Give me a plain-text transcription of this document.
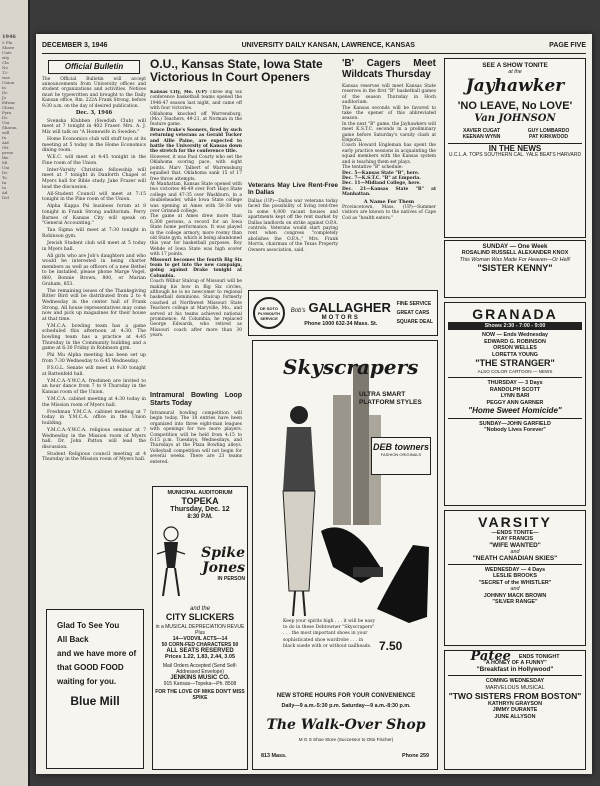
1946
5 Pla
Shave
Univ
sity
Cla
No
12-
was
Union
in
Dr.
Jo
Edwar
Chem
Pyra
Dr.
Uni
Sharon
will
In
Aid
Ott
prese
the
Mi
Uni
Dr.
To
In
to
Ad
Del
DECEMBER 3, 1946	UNIVERSITY DAILY KANSAN, LAWRENCE, KANSAS	PAGE FIVE
Official Bulletin

The Official Bulletin will accept announcements from University offices and student organizations and activities. Notices must be typewritten and brought to the Daily Kansan office, Rm. 222A Frank Strong, before 9:30 a.m. on the day of desired publication.

Dec. 3, 1946

Svenska Klubben (Swedish Club) will meet at 7 tonight in 402 Fraser. Mrs. A. J. Mix will talk on "A Homewife in Sweden."
Home Economics club will stuff toys at its meeting at 5 today in the Home Economics dining room.
W.E.C. will meet at 4:45 tonight in the Fine room of the Union.
Inter-Varsity Christian fellowship will meet at 7 tonight in Danforth Chapel of Myers hall for Bible study. Jake Frazer will lead the discussion.
All-Student Council will meet at 7:15 tonight in the Pine room of the Union.
Alpha Kappa Psi business forum at 8 tonight in Frank Strong auditorium. Perry Barnes of Kansas City will speak on "General Accounting."
Tau Sigma will meet at 7:30 tonight in Robinson gym.
Jewish Student club will meet at 5 today in Myers hall.
All girls who are Job's daughters and who would be interested in being charter members as well as officers of a new Bethel to be installed, please phone Marge Vogel, 860, Bonnie Brown, 800, or Marian Graham, 853.
The remaining issues of the Thanksgiving Bitter Bird will be distributed from 2 to 4 Wednesday in the center hall of Frank Strong. All house representatives may come now and pick up magazines for their house at that time.
Y.M.C.A. bowling team has a game scheduled this afternoon at 4:30. The bowling team has a practice at 4:45 Thursday in the Community building and a game at 6:30 Friday in Robinson gym.
Phi Mu Alpha meeting has been set up from 7:30 Wednesday to 6:45 Wednesday.
P.S.G.L. Senate will meet at 9:30 tonight at Battenfeld hall.
Y.M.C.A.-Y.W.C.A. freshmen are invited to an hour dance from 7 to 9 Thursday in the Kansas room of the Union.
Y.M.C.A. cabinet meeting at 4:30 today in the Mission room of Myers hall.
Freshman Y.M.C.A. cabinet meeting at 7 today in Y.M.C.A. office in the Union building.
Y.M.C.A.-Y.W.C.A. religious seminar at 7 Wednesday in the Mission room of Myers hall. Dr. John Patton will lead the discussion.
Student Religious council meeting at 4 Thursday in the Mission room of Myers hall.
Glad To See You
All Back
and we have more of
that GOOD FOOD
waiting for you.
Blue Mill
O.U., Kansas State, Iowa State Victorious In Court Openers

Kansas City, Mo. (UP) Three Big Six conference basketball teams opened the 1946-47 season last night, and came off with four victories.

Oklahoma knocked off Warrensburg, (Mo.) Teachers, 49-21, at Norman in the feature game.

Bruce Drake's Sooners, fired by such returning veterans as Gerald Tucker and Allie Paine, are expected to battle the University of Kansas down the stretch for the conference title.

However, it was Paul Courty who set the Oklahoma scoring pace, with eight points. Marv Talbert of Warrensburg equalled that. Oklahoma sank 15 of 17 free throw attempts.

At Manhattan, Kansas State opened with two victories 46-49 over Fort Hays State college and 47-35 over Washburn, in a doubleheader, while Iowa State college was opening at Ames with 58-38 win over Grinnell college.

The game at Ames drew more than 6,300 persons, a record for an Iowa State home performance. It was played in the college armory, more roomy than old State gym, which is being abandoned this year for basketball purposes. Roy Wehde of Iowa State was high scorer with 17 points.

Missouri becomes the fourth Big Six team to get into the new campaign, going against Drake tonight at Columbia.

Coach Wilbur Stalcup of Missouri will be making his bow in Big Six circles, although he is no newcomer to regional basketball dominions. Stalcup formerly coached at Northwest Missouri State Teachers college at Maryville, Mo., and served at his teams achieved national prominence. At Columbia, he replaced George Edwards, who retired as Missouri coach after more than 30 years.

Veterans May Live Rent-Free In Dallas

Dallas (UP)—Dallas war veterans today faced the possibility of living rent-free in some 4,000 vacant houses and apartments kept off the rent market by Dallas landlords on strike against O.P.A. controls. Veterans would start paying rent when congress "completely abolishes the O.P.A.," Mrs. Frank Morris, chairman of the Texas Property Owners association, said.

Intramural Bowling Loop Starts Today

Intramural bowling competition will begin today. The 18 entries have been organized into three eight-man leagues with openings for two more players. Competition will be held from 4:15 to 6:15 p.m. Tuesdays, Wednesdays, and Thursdays at the Plaza Bowling alleys. Volleyball competition will not begin for several weeks. There are 23 teams entered.

MUNICIPAL AUDITORIUM
TOPEKA
Thursday, Dec. 12
8:30 P.M.
Spike
Jones
IN PERSON
and the
CITY SLICKERS
in a MUSICAL DEPRECIATION REVUE
Plus
14—VODVIL ACTS—14
50 CORN-FED CHARACTERS 50
ALL SEATS RESERVED
Prices 1.22, 1.83, 2.44, 3.05
Mail Orders Accepted (Send Self-Addressed Envelope)
JENKINS MUSIC CO.
915 Kansas—Topeka—Ph. 8508
FOR THE LOVE OF MIKE DON'T MISS SPIKE
'B' Cagers Meet Wildcats Thursday

Kansas reserves will meet Kansas State reserves in the first "B" basketball games of the season Thursday in Hoch auditorium.

The Kansas seconds will be favored to take the opener of this abbreviated season.

In the next "B" game, the Jayhawkers will meet K.S.T.C. seconds in a preliminary game before Saturday's varsity clash at Emporia.

Coach Howard Engleman has spent the early practice sessions in acquainting the squad members with the Kansas system and is teaching them set plays.

The tentative "B" schedule:

Dec. 5—Kansas State "B", here.
Dec. 7—K.S.T.C. "B" at Emporia.
Dec. 11—Midland College, here.
Dec. 21—Kansas State "B" at Manhattan.

A Name For Them

Provincetown, Mass. (UP)—Summer visitors are known to the natives of Cape Cod as "health eaters."

DE SOTO PLYMOUTH SERVICE
Bob's GALLAGHER
MOTORS
Phone 1000 632-34 Mass. St.
FINE SERVICE
GREAT CARS
SQUARE DEAL
Skyscrapers
ULTRA SMART PLATFORM STYLES
DEB towners
FASHION ORIGINALS
7.50
Keep your spirits high . . . it will be easy to do in these Debtowner "Skyscrapers" . . . the most important shoes in your sophisticated shoe wardrobe . . . in black suede with or without nailheads.
NEW STORE HOURS FOR YOUR CONVENIENCE
Daily—9 a.m.-5:30 p.m. Saturday—9 a.m.-8:30 p.m.
The Walk-Over Shop
M G S Shoe Store (Successor to Otto Fischer)
813 Mass.	Phone 259
SEE A SHOW TONITE
at the
Jayhawker
'NO LEAVE, No LOVE'
Van JOHNSON
XAVIER CUGAT	GUY LOMBARDO
KEENAN WYNN	PAT KIRKWOOD
IN THE NEWS
U.C.L.A. TOPS SOUTHERN CAL. YALE BEATS HARVARD
SUNDAY — One Week
ROSALIND RUSSELL ALEXANDER KNOX
This Woman Was Made For Heaven—Or Hell!
"SISTER KENNY"
GRANADA
Shows 2:30 - 7:00 - 9:00
NOW — Ends Wednesday
EDWARD G. ROBINSON
ORSON WELLES
LORETTA YOUNG
"THE STRANGER"
ALSO COLOR CARTOON — NEWS
THURSDAY — 3 Days
RANDOLPH SCOTT
LYNN BARI
PEGGY ANN GARNER
"Home Sweet Homicide"
SUNDAY—JOHN GARFIELD
"Nobody Lives Forever"
VARSITY
—ENDS TONITE—
KAY FRANCIS
"WIFE WANTED"
and
"NEATH CANADIAN SKIES"
WEDNESDAY — 4 Days
LESLIE BROOKS
"SECRET of the WHISTLER"
and
JOHNNY MACK BROWN
"SILVER RANGE"
Patee ENDS TONIGHT
"A HONEY OF A FUNNY"
"Breakfast in Hollywood"
COMING WEDNESDAY
MARVELOUS MUSICAL
"TWO SISTERS FROM BOSTON"
KATHRYN GRAYSON
JIMMY DURANTE
JUNE ALLYSON
